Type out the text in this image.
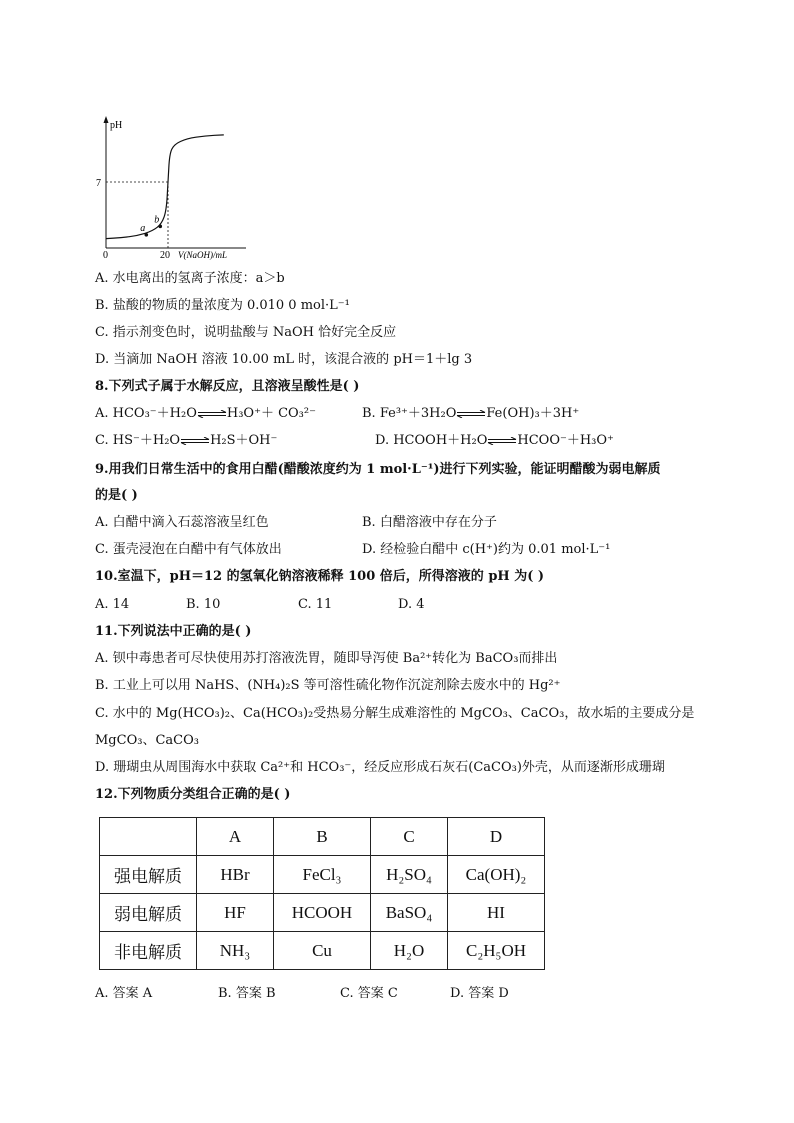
pH
V(NaOH)/mL
0	20
7
a
b
A. 水电离出的氢离子浓度：a＞b
B. 盐酸的物质的量浓度为 0.010 0 mol·L⁻¹
C. 指示剂变色时，说明盐酸与 NaOH 恰好完全反应
D. 当滴加 NaOH 溶液 10.00 mL 时，该混合液的 pH＝1＋lg 3
8.下列式子属于水解反应，且溶液呈酸性是( )
A. HCO₃⁻＋H₂O⇌H₃O⁺＋ CO₃²⁻	B. Fe³⁺＋3H₂O⇌Fe(OH)₃＋3H⁺
C. HS⁻＋H₂O⇌H₂S＋OH⁻	D. HCOOH＋H₂O⇌HCOO⁻＋H₃O⁺
9.用我们日常生活中的食用白醋(醋酸浓度约为 1 mol·L⁻¹)进行下列实验，能证明醋酸为弱电解质
的是( )
A. 白醋中滴入石蕊溶液呈红色	B. 白醋溶液中存在分子
C. 蛋壳浸泡在白醋中有气体放出	D. 经检验白醋中 c(H⁺)约为 0.01 mol·L⁻¹
10.室温下，pH＝12 的氢氧化钠溶液稀释 100 倍后，所得溶液的 pH 为( )
A. 14	B. 10	C. 11	D. 4
11.下列说法中正确的是( )
A. 钡中毒患者可尽快使用苏打溶液洗胃，随即导泻使 Ba²⁺转化为 BaCO₃而排出
B. 工业上可以用 NaHS、(NH₄)₂S 等可溶性硫化物作沉淀剂除去废水中的 Hg²⁺
C. 水中的 Mg(HCO₃)₂、Ca(HCO₃)₂受热易分解生成难溶性的 MgCO₃、CaCO₃，故水垢的主要成分是
MgCO₃、CaCO₃
D. 珊瑚虫从周围海水中获取 Ca²⁺和 HCO₃⁻，经反应形成石灰石(CaCO₃)外壳，从而逐渐形成珊瑚
12.下列物质分类组合正确的是( )
	A	B	C	D
强电解质	HBr	FeCl₃	H₂SO₄	Ca(OH)₂
弱电解质	HF	HCOOH	BaSO₄	HI
非电解质	NH₃	Cu	H₂O	C₂H₅OH
A. 答案 A	B. 答案 B	C. 答案 C	D. 答案 D
